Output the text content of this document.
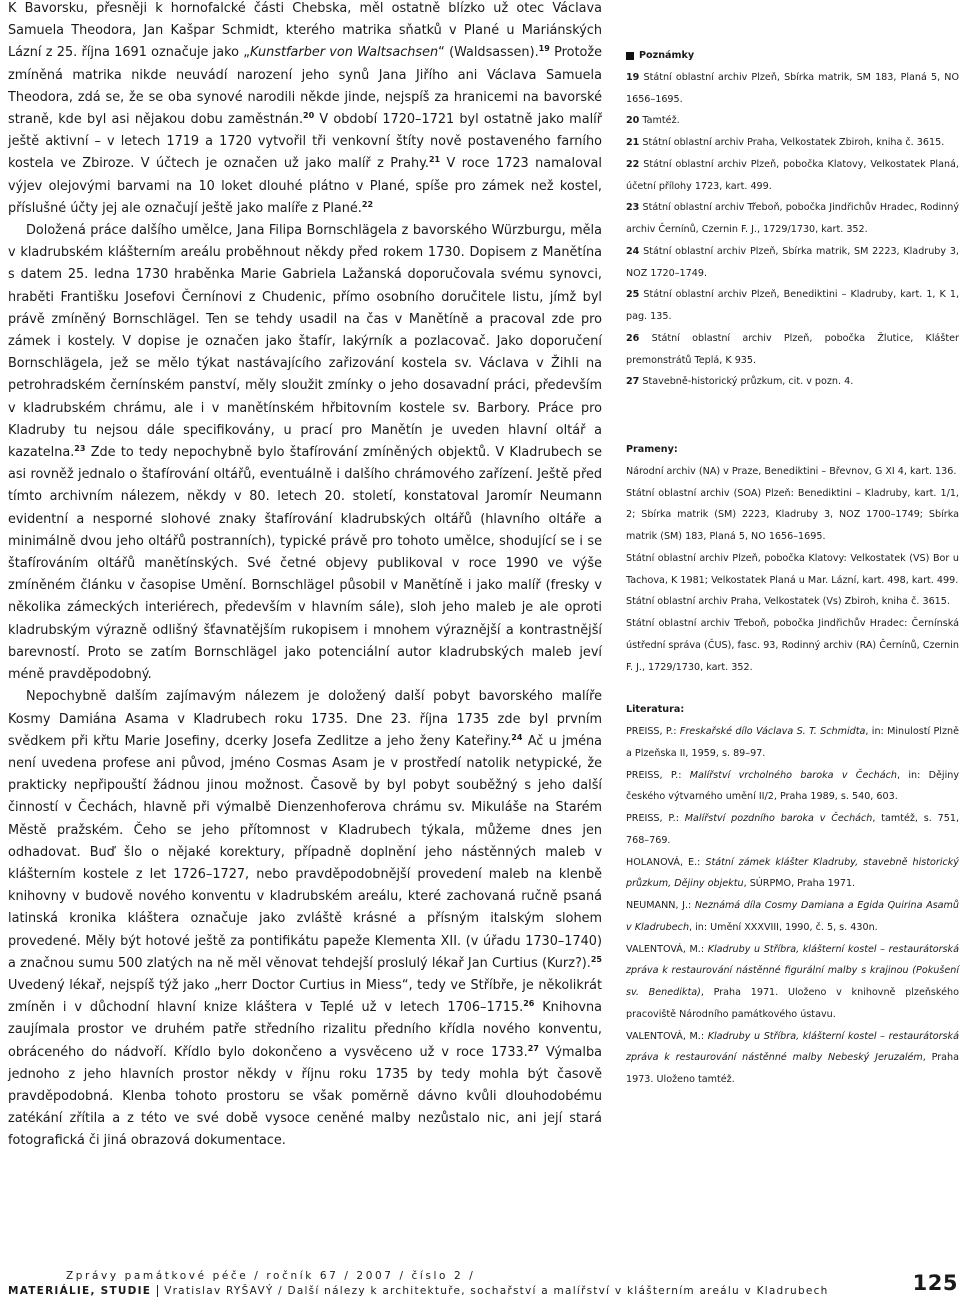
K Bavorsku, přesněji k hornofalcké části Chebska, měl ostatně blízko už otec Václava Samuela Theodora, Jan Kašpar Schmidt, kterého matrika sňatků v Plané u Mariánských Lázní z 25. října 1691 označuje jako „Kunstfarber von Waltsachsen“ (Waldsassen).$^{19}$ Protože zmíněná matrika nikde neuvádí narození jeho synů Jana Jiřího ani Václava Samuela Theodora, zdá se, že se oba synové narodili někde jinde, nejspíš za hranicemi na bavorské straně, kde byl asi nějakou dobu zaměstnán.$^{20}$ V období 1720–1721 byl ostatně jako malíř ještě aktivní – v letech 1719 a 1720 vytvořil tři venkovní štíty nově postaveného farního kostela ve Zbiroze. V účtech je označen už jako malíř z Prahy.$^{21}$ V roce 1723 namaloval výjev olejovými barvami na 10 loket dlouhé plátno v Plané, spíše pro zámek než kostel, příslušné účty jej ale označují ještě jako malíře z Plané.$^{22}$

Doložená práce dalšího umělce, Jana Filipa Bornschlägela z bavorského Würzburgu, měla v kladrubském klášterním areálu proběhnout někdy před rokem 1730. Dopisem z Manětína s datem 25. ledna 1730 hraběnka Marie Gabriela Lažanská doporučovala svému synovci, hraběti Františku Josefovi Černínovi z Chudenic, přímo osobního doručitele listu, jímž byl právě zmíněný Bornschlägel. Ten se tehdy usadil na čas v Manětíně a pracoval zde pro zámek i kostely. V dopise je označen jako štafír, lakýrník a pozlacovač. Jako doporučení Bornschlägela, jež se mělo týkat nastávajícího zařizování kostela sv. Václava v Žihli na petrohradském černínském panství, měly sloužit zmínky o jeho dosavadní práci, především v kladrubském chrámu, ale i v manětínském hřbitovním kostele sv. Barbory. Práce pro Kladruby tu nejsou dále specifikovány, u prací pro Manětín je uveden hlavní oltář a kazatelna.$^{23}$ Zde to tedy nepochybně bylo štafírování zmíněných objektů. V Kladrubech se asi rovněž jednalo o štafírování oltářů, eventuálně i dalšího chrámového zařízení. Ještě před tímto archivním nálezem, někdy v 80. letech 20. století, konstatoval Jaromír Neumann evidentní a nesporné slohové znaky štafírování kladrubských oltářů (hlavního oltáře a minimálně dvou jeho oltářů postranních), typické právě pro tohoto umělce, shodující se i se štafírováním oltářů manětínských. Své četné objevy publikoval v roce 1990 ve výše zmíněném článku v časopise Umění. Bornschlägel působil v Manětíně i jako malíř (fresky v několika zámeckých interiérech, především v hlavním sále), sloh jeho maleb je ale oproti kladrubským výrazně odlišný šťavnatějším rukopisem i mnohem výraznější a kontrastnější barevností. Proto se zatím Bornschlägel jako potenciální autor kladrubských maleb jeví méně pravděpodobný.

Nepochybně dalším zajímavým nálezem je doložený další pobyt bavorského malíře Kosmy Damiána Asama v Kladrubech roku 1735. Dne 23. října 1735 zde byl prvním svědkem při křtu Marie Josefiny, dcerky Josefa Zedlitze a jeho ženy Kateřiny.$^{24}$ Ač u jména není uvedena profese ani původ, jméno Cosmas Asam je v prostředí natolik netypické, že prakticky nepřipouští žádnou jinou možnost. Časově by byl pobyt souběžný s jeho další činností v Čechách, hlavně při výmalbě Dienzenhoferova chrámu sv. Mikuláše na Starém Městě pražském. Čeho se jeho přítomnost v Kladrubech týkala, můžeme dnes jen odhadovat. Buď šlo o nějaké korektury, případně doplnění jeho nástěnných maleb v klášterním kostele z let 1726–1727, nebo pravděpodobnější provedení maleb na klenbě knihovny v budově nového konventu v kladrubském areálu, které zachovaná ručně psaná latinská kronika kláštera označuje jako zvláště krásné a přísným italským slohem provedené. Měly být hotové ještě za pontifikátu papeže Klementa XII. (v úřadu 1730–1740) a značnou sumu 500 zlatých na ně měl věnovat tehdejší proslulý lékař Jan Curtius (Kurz?).$^{25}$ Uvedený lékař, nejspíš týž jako „herr Doctor Curtius in Miess“, tedy ve Stříbře, je několikrát zmíněn i v důchodní hlavní knize kláštera v Teplé už v letech 1706–1715.26 Knihovna zaujímala prostor ve druhém patře středního rizalitu předního křídla nového konventu, obráceného do nádvoří. Křídlo bylo dokončeno a vysvěceno už v roce 1733.27 Výmalba jednoho z jeho hlavních prostor někdy v říjnu roku 1735 by tedy mohla být časově pravděpodobná. Klenba tohoto prostoru se však poměrně dávno kvůli dlouhodobému zatékání zřítila a z této ve své době vysoce ceněné malby nezůstalo nic, ani její stará fotografická či jiná obrazová dokumentace.

Poznámky

19 Státní oblastní archiv Plzeň, Sbírka matrik, SM 183, Planá 5, NO 1656–1695.

20 Tamtéž.

21 Státní oblastní archiv Praha, Velkostatek Zbiroh, kniha č. 3615.

22 Státní oblastní archiv Plzeň, pobočka Klatovy, Velkostatek Planá, účetní přílohy 1723, kart. 499.

23 Státní oblastní archiv Třeboň, pobočka Jindřichův Hradec, Rodinný archiv Černínů, Czernin F. J., 1729/1730, kart. 352.

24 Státní oblastní archiv Plzeň, Sbírka matrik, SM 2223, Kladruby 3, NOZ 1720–1749.

25 Státní oblastní archiv Plzeň, Benediktini – Kladruby, kart. 1, K 1, pag. 135.

26 Státní oblastní archiv Plzeň, pobočka Žlutice, Klášter premonstrátů Teplá, K 935.

27 Stavebně-historický průzkum, cit. v pozn. 4.

Prameny:

Národní archiv (NA) v Praze, Benediktini – Břevnov, G XI 4, kart. 136.

Státní oblastní archiv (SOA) Plzeň: Benediktini – Kladruby, kart. 1/1, 2; Sbírka matrik (SM) 2223, Kladruby 3, NOZ 1700–1749; Sbírka matrik (SM) 183, Planá 5, NO 1656–1695.

Státní oblastní archiv Plzeň, pobočka Klatovy: Velkostatek (VS) Bor u Tachova, K 1981; Velkostatek Planá u Mar. Lázní, kart. 498, kart. 499.

Státní oblastní archiv Praha, Velkostatek (Vs) Zbiroh, kniha č. 3615.

Státní oblastní archiv Třeboň, pobočka Jindřichův Hradec: Černínská ústřední správa (ČUS), fasc. 93, Rodinný archiv (RA) Černínů, Czernin F. J., 1729/1730, kart. 352.

Literatura:

PREISS, P.: Freskařské dílo Václava S. T. Schmidta, in: Minulostí Plzně a Plzeňska II, 1959, s. 89–97.

PREISS, P.: Malířství vrcholného baroka v Čechách, in: Dějiny českého výtvarného umění II/2, Praha 1989, s. 540, 603.

PREISS, P.: Malířství pozdního baroka v Čechách, tamtéž, s. 751, 768–769.

HOLANOVÁ, E.: Státní zámek klášter Kladruby, stavebně historický průzkum, Dějiny objektu, SÚRPMO, Praha 1971.

NEUMANN, J.: Neznámá díla Cosmy Damiana a Egida Quirina Asamů v Kladrubech, in: Umění XXXVIII, 1990, č. 5, s. 430n.

VALENTOVÁ, M.: Kladruby u Stříbra, klášterní kostel – restaurátorská zpráva k restaurování nástěnné figurální malby s krajinou (Pokušení sv. Benedikta), Praha 1971. Uloženo v knihovně plzeňského pracoviště Národního památkového ústavu.

VALENTOVÁ, M.: Kladruby u Stříbra, klášterní kostel – restaurátorská zpráva k restaurování nástěnné malby Nebeský Jeruzalém, Praha 1973. Uloženo tamtéž.

Zprávy památkové péče / ročník 67 / 2007 / číslo 2 /
MATERIÁLIE, STUDIE Vratislav RYŠAVÝ / Další nálezy k architektuře, sochařství a malířství v klášterním areálu v Kladrubech	125
